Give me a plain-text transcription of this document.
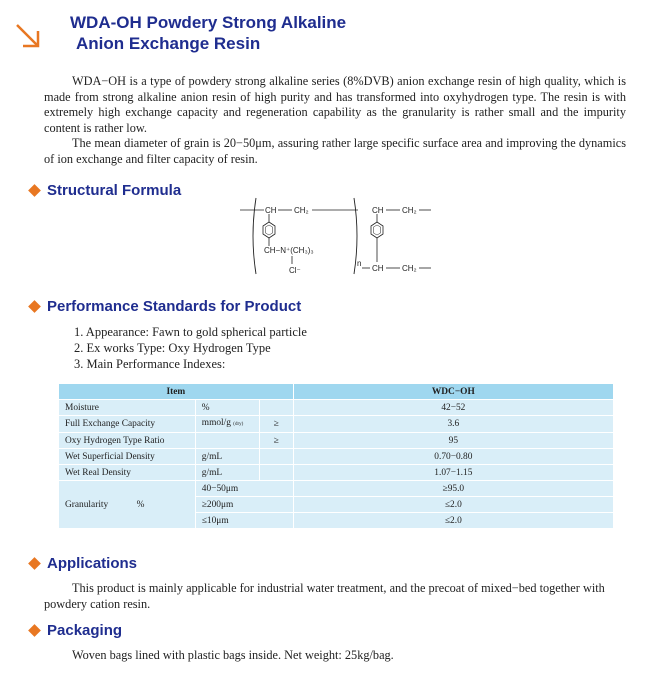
WDA-OH Powdery Strong Alkaline
Anion Exchange Resin

WDA−OH is a type of powdery strong alkaline series (8%DVB) anion exchange resin of high quality, which is made from strong alkaline anion resin of high purity and has transformed into oxyhydrogen type. The resin is with extremely high exchange capacity and regeneration capability as the granularity is rather small and the impurity content is rather low.

The mean diameter of grain is 20−50μm, assuring rather large specific surface area and improving the dynamics of ion exchange and filter capacity of resin.

Structural Formula
CH CH₂
CH−N⁺(CH₃)₃
Cl⁻
n
CH CH₂
CH CH₂
Performance Standards for Product
1. Appearance: Fawn to gold spherical particle
2. Ex works Type: Oxy Hydrogen Type
3. Main Performance Indexes:
Item			WDC−OH
Moisture	%		42−52
Full Exchange Capacity	mmol/g (dry)	≥	3.6
Oxy Hydrogen Type Ratio		≥	95
Wet Superficial Density	g/mL		0.70−0.80
Wet Real Density	g/mL		1.07−1.15
Granularity %	40−50μm		≥95.0
	≥200μm		≤2.0
	≤10μm		≤2.0
Applications

This product is mainly applicable for industrial water treatment, and the precoat of mixed−bed together with powdery cation resin.

Packaging

Woven bags lined with plastic bags inside. Net weight: 25kg/bag.
